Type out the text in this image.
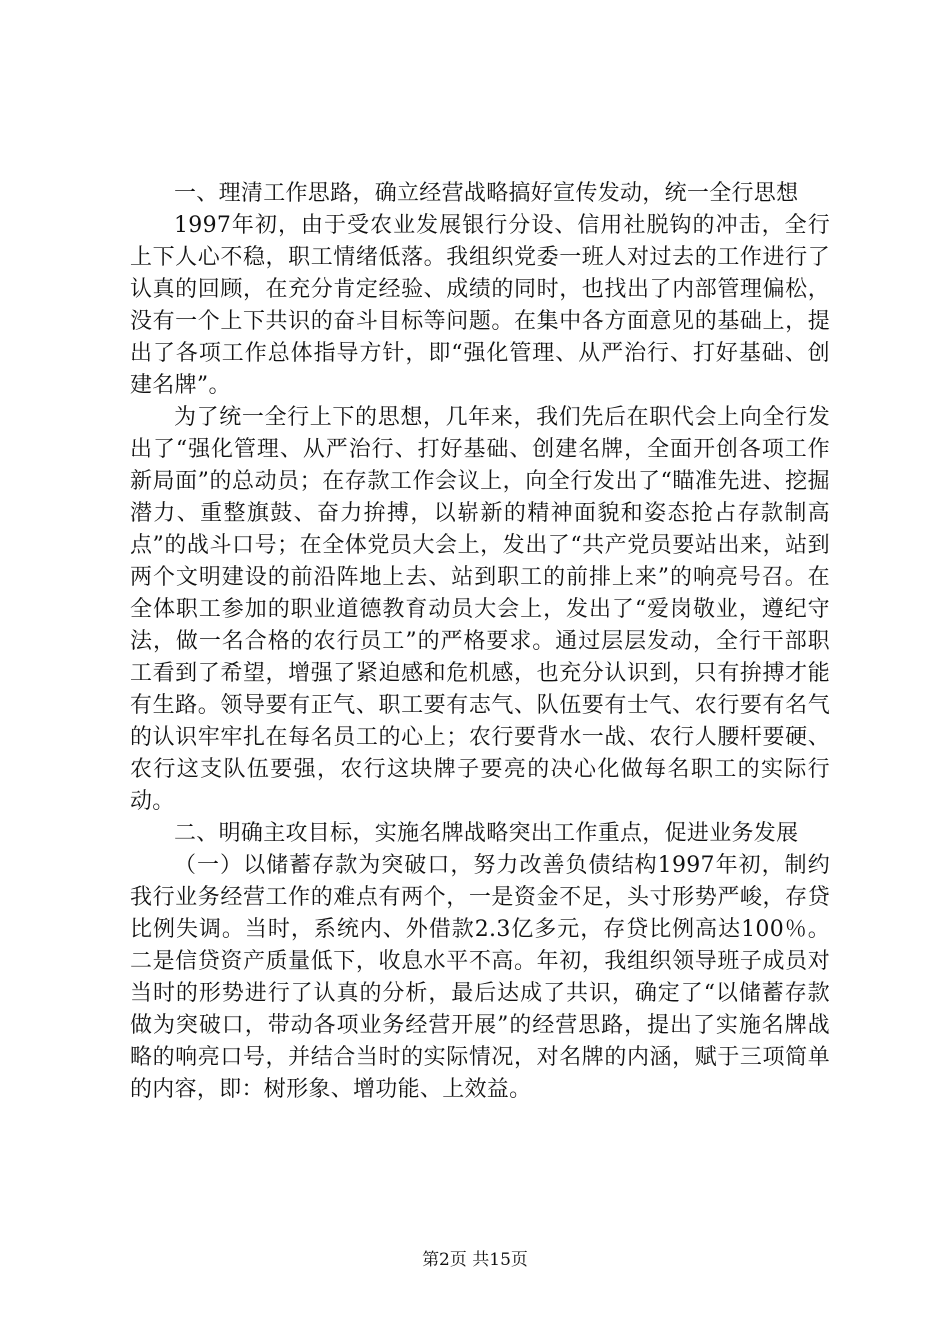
一、理清工作思路，确立经营战略搞好宣传发动，统一全行思想

1997年初，由于受农业发展银行分设、信用社脱钩的冲击，全行上下人心不稳，职工情绪低落。我组织党委一班人对过去的工作进行了认真的回顾，在充分肯定经验、成绩的同时，也找出了内部管理偏松，没有一个上下共识的奋斗目标等问题。在集中各方面意见的基础上，提出了各项工作总体指导方针，即“强化管理、从严治行、打好基础、创建名牌”。

为了统一全行上下的思想，几年来，我们先后在职代会上向全行发出了“强化管理、从严治行、打好基础、创建名牌，全面开创各项工作新局面”的总动员；在存款工作会议上，向全行发出了“瞄准先进、挖掘潜力、重整旗鼓、奋力拚搏，以崭新的精神面貌和姿态抢占存款制高点”的战斗口号；在全体党员大会上，发出了“共产党员要站出来，站到两个文明建设的前沿阵地上去、站到职工的前排上来”的响亮号召。在全体职工参加的职业道德教育动员大会上，发出了“爱岗敬业，遵纪守法，做一名合格的农行员工”的严格要求。通过层层发动，全行干部职工看到了希望，增强了紧迫感和危机感，也充分认识到，只有拚搏才能有生路。领导要有正气、职工要有志气、队伍要有士气、农行要有名气的认识牢牢扎在每名员工的心上；农行要背水一战、农行人腰杆要硬、农行这支队伍要强，农行这块牌子要亮的决心化做每名职工的实际行动。

二、明确主攻目标，实施名牌战略突出工作重点，促进业务发展

（一）以储蓄存款为突破口，努力改善负债结构1997年初，制约我行业务经营工作的难点有两个，一是资金不足，头寸形势严峻，存贷比例失调。当时，系统内、外借款2.3亿多元，存贷比例高达100％。二是信贷资产质量低下，收息水平不高。年初，我组织领导班子成员对当时的形势进行了认真的分析，最后达成了共识，确定了“以储蓄存款做为突破口，带动各项业务经营开展”的经营思路，提出了实施名牌战略的响亮口号，并结合当时的实际情况，对名牌的内涵，赋于三项简单的内容，即：树形象、增功能、上效益。

第2页 共15页
